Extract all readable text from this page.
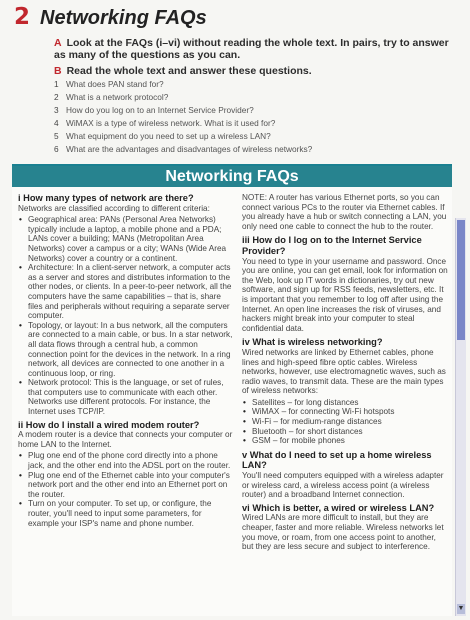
2 Networking FAQs
A Look at the FAQs (i–vi) without reading the whole text. In pairs, try to answer as many of the questions as you can.
B Read the whole text and answer these questions.
1 What does PAN stand for?
2 What is a network protocol?
3 How do you log on to an Internet Service Provider?
4 WiMAX is a type of wireless network. What is it used for?
5 What equipment do you need to set up a wireless LAN?
6 What are the advantages and disadvantages of wireless networks?
Networking FAQs

i How many types of network are there?

Networks are classified according to different criteria:

• Geographical area: PANs (Personal Area Networks) typically include a laptop, a mobile phone and a PDA; LANs cover a building; MANs (Metropolitan Area Networks) cover a campus or a city; WANs (Wide Area Networks) cover a country or a continent.
• Architecture: In a client-server network, a computer acts as a server and stores and distributes information to the other nodes, or clients. In a peer-to-peer network, all the computers have the same capabilities – that is, share files and peripherals without requiring a separate server computer.
• Topology, or layout: In a bus network, all the computers are connected to a main cable, or bus. In a star network, all data flows through a central hub, a common connection point for the devices in the network. In a ring network, all devices are connected to one another in a continuous loop, or ring.
• Network protocol: This is the language, or set of rules, that computers use to communicate with each other. Networks use different protocols. For instance, the Internet uses TCP/IP.

ii How do I install a wired modem router?

A modem router is a device that connects your computer or home LAN to the Internet.

• Plug one end of the phone cord directly into a phone jack, and the other end into the ADSL port on the router.
• Plug one end of the Ethernet cable into your computer's network port and the other end into an Ethernet port on the router.
• Turn on your computer. To set up, or configure, the router, you'll need to input some parameters, for example your ISP's name and phone number.

NOTE: A router has various Ethernet ports, so you can connect various PCs to the router via Ethernet cables. If you already have a hub or switch connecting a LAN, you only need one cable to connect the hub to the router.

iii How do I log on to the Internet Service Provider?

You need to type in your username and password. Once you are online, you can get email, look for information on the Web, look up IT words in dictionaries, try out new software, and sign up for RSS feeds, newsletters, etc. It is important that you remember to log off after using the Internet. An open line increases the risk of viruses, and hackers might break into your computer to steal confidential data.

iv What is wireless networking?

Wired networks are linked by Ethernet cables, phone lines and high-speed fibre optic cables. Wireless networks, however, use electromagnetic waves, such as radio waves, to transmit data. These are the main types of wireless networks:

• Satellites – for long distances
• WiMAX – for connecting Wi-Fi hotspots
• Wi-Fi – for medium-range distances
• Bluetooth – for short distances
• GSM – for mobile phones

v What do I need to set up a home wireless LAN?

You'll need computers equipped with a wireless adapter or wireless card, a wireless access point (a wireless router) and a broadband Internet connection.

vi Which is better, a wired or wireless LAN?

Wired LANs are more difficult to install, but they are cheaper, faster and more reliable. Wireless networks let you move, or roam, from one access point to another, but they are less secure and subject to interference.

▼
